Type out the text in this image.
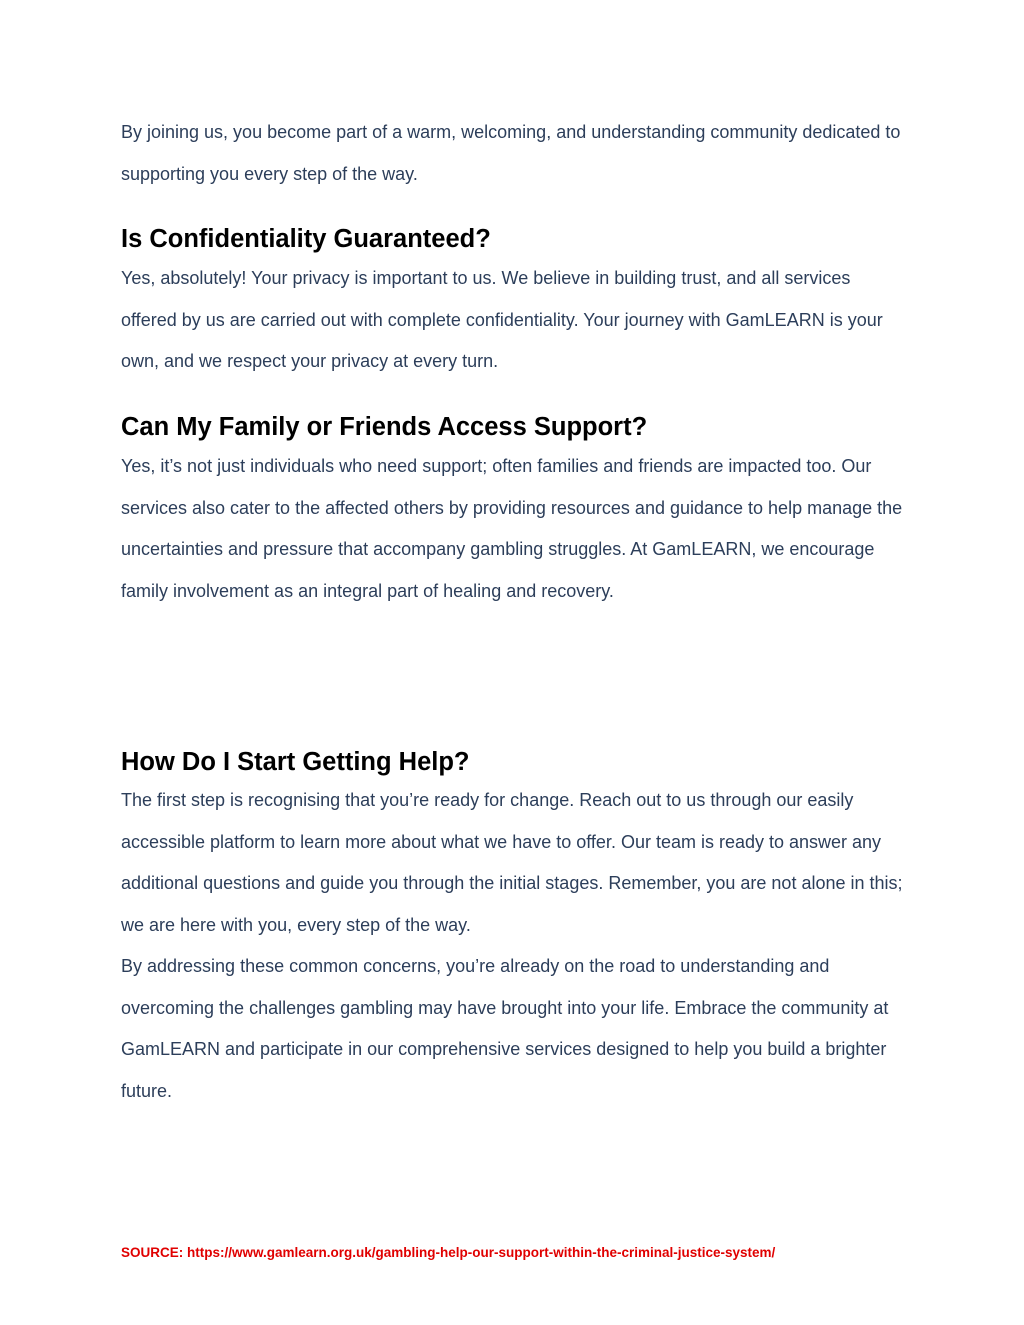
By joining us, you become part of a warm, welcoming, and understanding community dedicated to supporting you every step of the way.

Is Confidentiality Guaranteed?

Yes, absolutely! Your privacy is important to us. We believe in building trust, and all services offered by us are carried out with complete confidentiality. Your journey with GamLEARN is your own, and we respect your privacy at every turn.

Can My Family or Friends Access Support?

Yes, it’s not just individuals who need support; often families and friends are impacted too. Our services also cater to the affected others by providing resources and guidance to help manage the uncertainties and pressure that accompany gambling struggles. At GamLEARN, we encourage family involvement as an integral part of healing and recovery.

How Do I Start Getting Help?

The first step is recognising that you’re ready for change. Reach out to us through our easily accessible platform to learn more about what we have to offer. Our team is ready to answer any additional questions and guide you through the initial stages. Remember, you are not alone in this; we are here with you, every step of the way.

By addressing these common concerns, you’re already on the road to understanding and overcoming the challenges gambling may have brought into your life. Embrace the community at GamLEARN and participate in our comprehensive services designed to help you build a brighter future.

SOURCE: https://www.gamlearn.org.uk/gambling-help-our-support-within-the-criminal-justice-system/
